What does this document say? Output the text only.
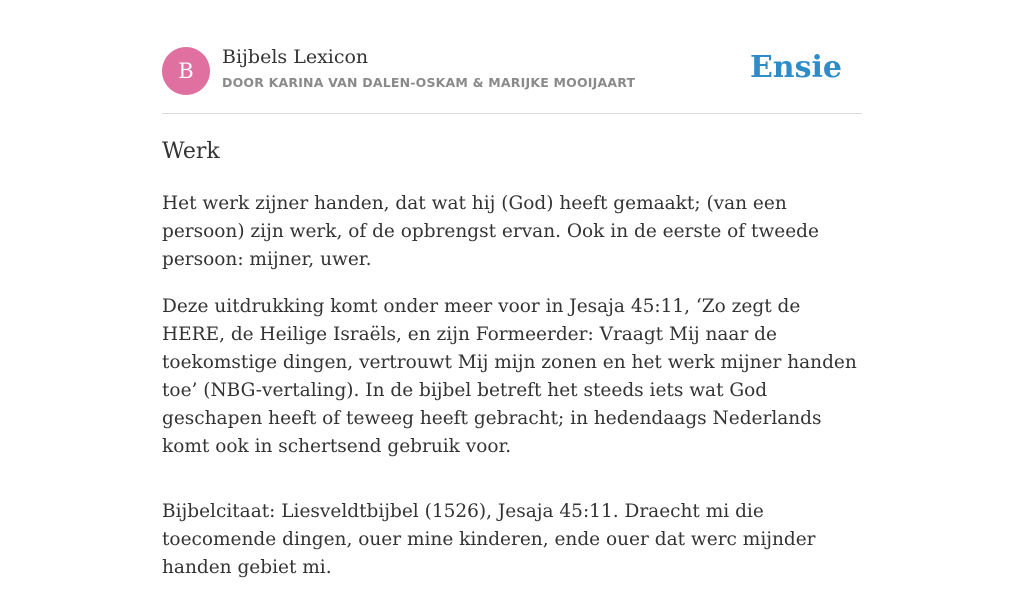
B
Bijbels Lexicon
DOOR KARINA VAN DALEN-OSKAM & MARIJKE MOOIJAART	Ensie
Werk

Het werk zijner handen, dat wat hij (God) heeft gemaakt; (van een persoon) zijn werk, of de opbrengst ervan. Ook in de eerste of tweede persoon: mijner, uwer.

Deze uitdrukking komt onder meer voor in Jesaja 45:11, ‘Zo zegt de HERE, de Heilige Israëls, en zijn Formeerder: Vraagt Mij naar de toekomstige dingen, vertrouwt Mij mijn zonen en het werk mijner handen toe’ (NBG-vertaling). In de bijbel betreft het steeds iets wat God geschapen heeft of teweeg heeft gebracht; in hedendaags Nederlands komt ook in schertsend gebruik voor.

Bijbelcitaat: Liesveldtbijbel (1526), Jesaja 45:11. Draecht mi die toecomende dingen, ouer mine kinderen, ende ouer dat werc mijnder handen gebiet mi.
